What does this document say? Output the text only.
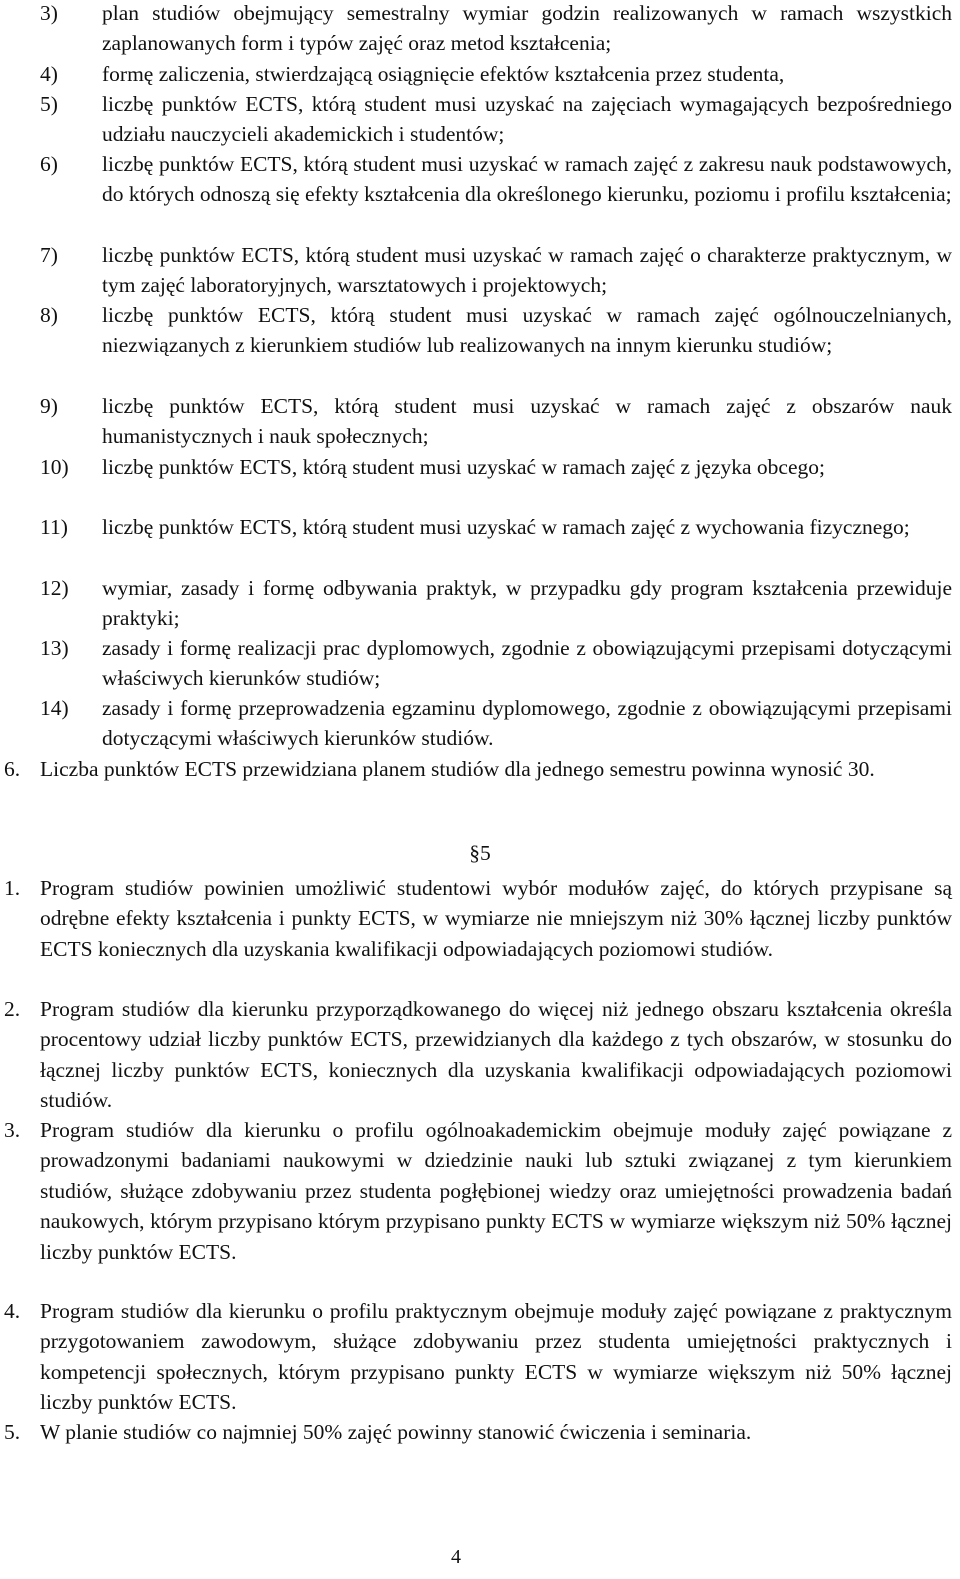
3) plan studiów obejmujący semestralny wymiar godzin realizowanych w ramach wszystkich zaplanowanych form i typów zajęć oraz metod kształcenia;
4) formę zaliczenia, stwierdzającą osiągnięcie efektów kształcenia przez studenta,
5) liczbę punktów ECTS, którą student musi uzyskać na zajęciach wymagających bezpośredniego udziału nauczycieli akademickich i studentów;
6) liczbę punktów ECTS, którą student musi uzyskać w ramach zajęć z zakresu nauk podstawowych, do których odnoszą się efekty kształcenia dla określonego kierunku, poziomu i profilu kształcenia;
7) liczbę punktów ECTS, którą student musi uzyskać w ramach zajęć o charakterze praktycznym, w tym zajęć laboratoryjnych, warsztatowych i projektowych;
8) liczbę punktów ECTS, którą student musi uzyskać w ramach zajęć ogólnouczelnianych, niezwiązanych z kierunkiem studiów lub realizowanych na innym kierunku studiów;
9) liczbę punktów ECTS, którą student musi uzyskać w ramach zajęć z obszarów nauk humanistycznych i nauk społecznych;
10) liczbę punktów ECTS, którą student musi uzyskać w ramach zajęć z języka obcego;
11) liczbę punktów ECTS, którą student musi uzyskać w ramach zajęć z wychowania fizycznego;
12) wymiar, zasady i formę odbywania praktyk, w przypadku gdy program kształcenia przewiduje praktyki;
13) zasady i formę realizacji prac dyplomowych, zgodnie z obowiązującymi przepisami dotyczącymi właściwych kierunków studiów;
14) zasady i formę przeprowadzenia egzaminu dyplomowego, zgodnie z obowiązującymi przepisami dotyczącymi właściwych kierunków studiów.
6. Liczba punktów ECTS przewidziana planem studiów dla jednego semestru powinna wynosić 30.
§5
1. Program studiów powinien umożliwić studentowi wybór modułów zajęć, do których przypisane są odrębne efekty kształcenia i punkty ECTS, w wymiarze nie mniejszym niż 30% łącznej liczby punktów ECTS koniecznych dla uzyskania kwalifikacji odpowiadających poziomowi studiów.
2. Program studiów dla kierunku przyporządkowanego do więcej niż jednego obszaru kształcenia określa procentowy udział liczby punktów ECTS, przewidzianych dla każdego z tych obszarów, w stosunku do łącznej liczby punktów ECTS, koniecznych dla uzyskania kwalifikacji odpowiadających poziomowi studiów.
3. Program studiów dla kierunku o profilu ogólnoakademickim obejmuje moduły zajęć powiązane z prowadzonymi badaniami naukowymi w dziedzinie nauki lub sztuki związanej z tym kierunkiem studiów, służące zdobywaniu przez studenta pogłębionej wiedzy oraz umiejętności prowadzenia badań naukowych, którym przypisano którym przypisano punkty ECTS w wymiarze większym niż 50% łącznej liczby punktów ECTS.
4. Program studiów dla kierunku o profilu praktycznym obejmuje moduły zajęć powiązane z praktycznym przygotowaniem zawodowym, służące zdobywaniu przez studenta umiejętności praktycznych i kompetencji społecznych, którym przypisano punkty ECTS w wymiarze większym niż 50% łącznej liczby punktów ECTS.
5. W planie studiów co najmniej 50% zajęć powinny stanowić ćwiczenia i seminaria.
4
